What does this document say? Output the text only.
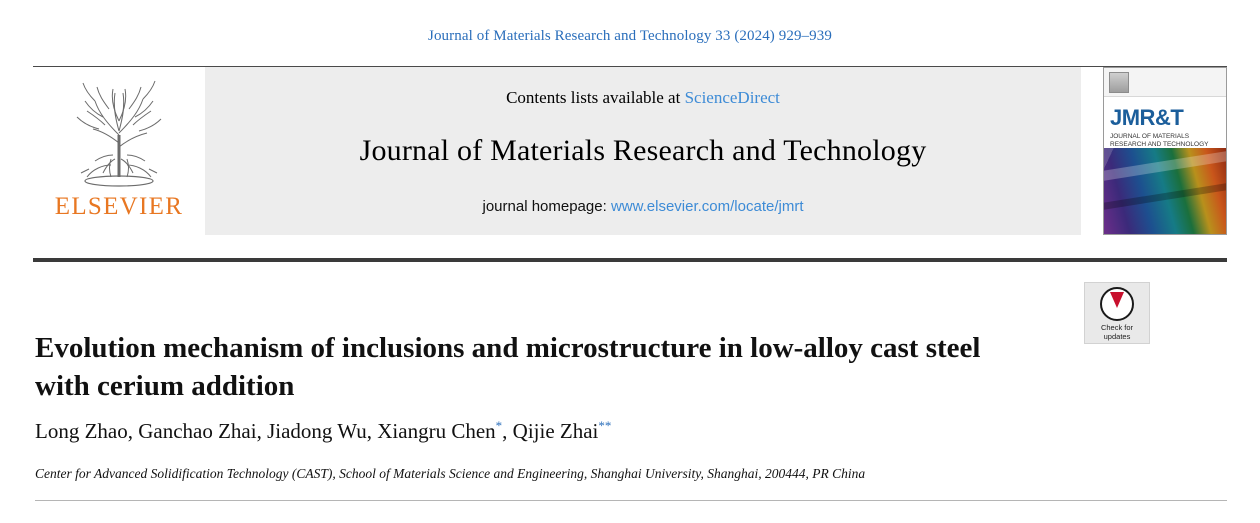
Journal of Materials Research and Technology 33 (2024) 929–939
ELSEVIER
Contents lists available at ScienceDirect
Journal of Materials Research and Technology
journal homepage: www.elsevier.com/locate/jmrt
JMR&T
JOURNAL OF MATERIALS RESEARCH AND TECHNOLOGY
Check for
updates
Evolution mechanism of inclusions and microstructure in low-alloy cast steel with cerium addition
Long Zhao, Ganchao Zhai, Jiadong Wu, Xiangru Chen*, Qijie Zhai**
Center for Advanced Solidification Technology (CAST), School of Materials Science and Engineering, Shanghai University, Shanghai, 200444, PR China
